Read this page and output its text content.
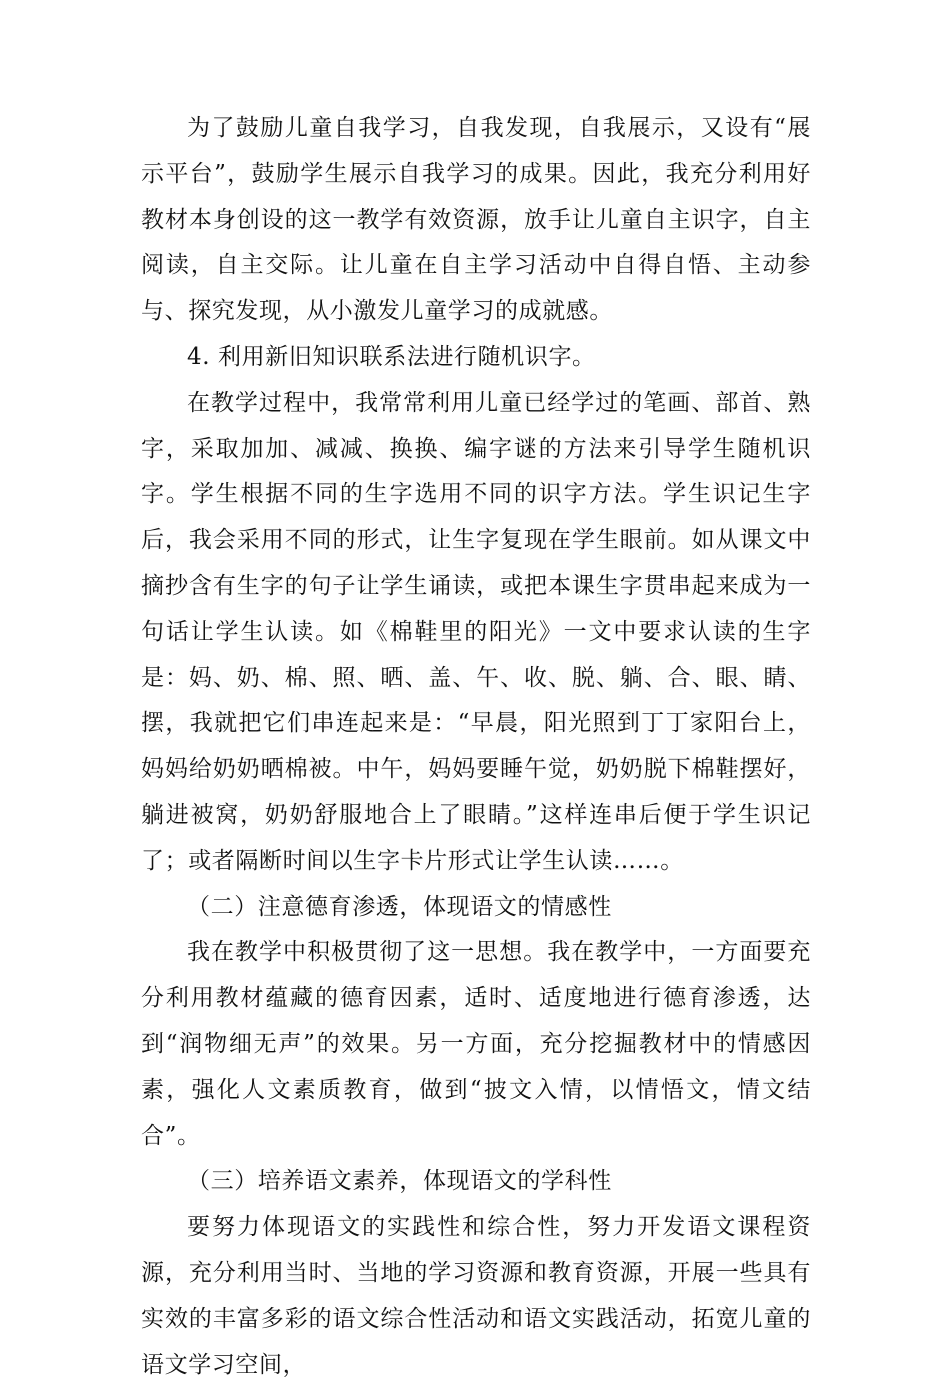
为了鼓励儿童自我学习，自我发现，自我展示，又设有“展示平台”，鼓励学生展示自我学习的成果。因此，我充分利用好教材本身创设的这一教学有效资源，放手让儿童自主识字，自主阅读，自主交际。让儿童在自主学习活动中自得自悟、主动参与、探究发现，从小激发儿童学习的成就感。

4. 利用新旧知识联系法进行随机识字。

在教学过程中，我常常利用儿童已经学过的笔画、部首、熟字，采取加加、减减、换换、编字谜的方法来引导学生随机识字。学生根据不同的生字选用不同的识字方法。学生识记生字后，我会采用不同的形式，让生字复现在学生眼前。如从课文中摘抄含有生字的句子让学生诵读，或把本课生字贯串起来成为一句话让学生认读。如《棉鞋里的阳光》一文中要求认读的生字是：妈、奶、棉、照、晒、盖、午、收、脱、躺、合、眼、睛、摆，我就把它们串连起来是：“早晨，阳光照到丁丁家阳台上，妈妈给奶奶晒棉被。中午，妈妈要睡午觉，奶奶脱下棉鞋摆好，躺进被窝，奶奶舒服地合上了眼睛。”这样连串后便于学生识记了；或者隔断时间以生字卡片形式让学生认读……。

（二）注意德育渗透，体现语文的情感性

我在教学中积极贯彻了这一思想。我在教学中，一方面要充分利用教材蕴藏的德育因素，适时、适度地进行德育渗透，达到“润物细无声”的效果。另一方面，充分挖掘教材中的情感因素，强化人文素质教育，做到“披文入情，以情悟文，情文结合”。

（三）培养语文素养，体现语文的学科性

要努力体现语文的实践性和综合性，努力开发语文课程资源，充分利用当时、当地的学习资源和教育资源，开展一些具有实效的丰富多彩的语文综合性活动和语文实践活动，拓宽儿童的语文学习空间，
